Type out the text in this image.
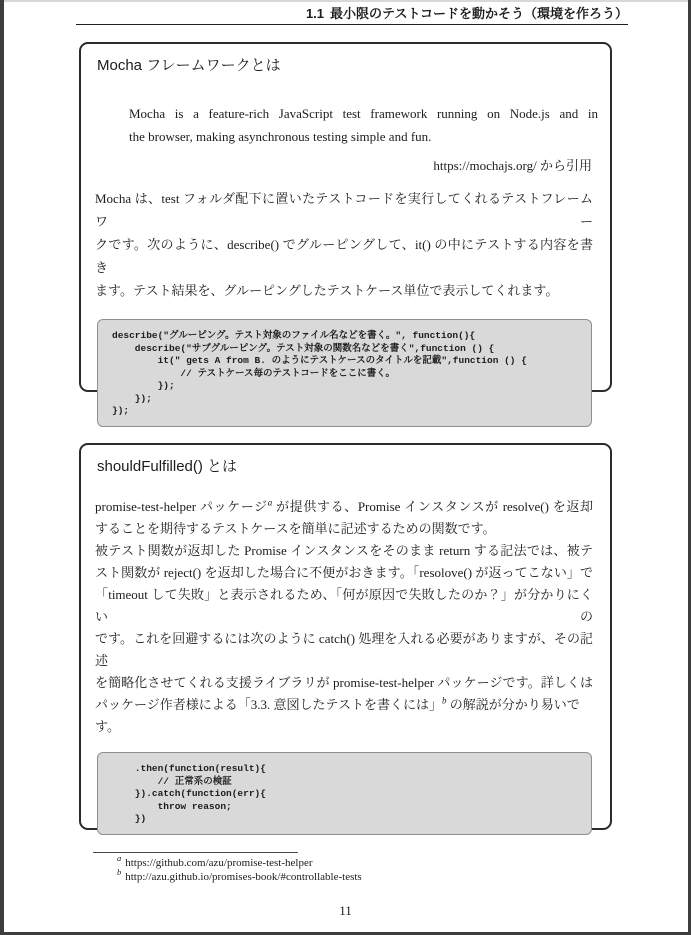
1.1 最小限のテストコードを動かそう（環境を作ろう）
Mocha フレームワークとは
Mocha is a feature-rich JavaScript test framework running on Node.js and in
the browser, making asynchronous testing simple and fun.
https://mochajs.org/ から引用
Mocha は、test フォルダ配下に置いたテストコードを実行してくれるテストフレームワー
クです。次のように、describe() でグルーピングして、it() の中にテストする内容を書き
ます。テスト結果を、グルーピングしたテストケース単位で表示してくれます。
describe("グルーピング。テスト対象のファイル名などを書く。", function(){
describe("サブグルーピング。テスト対象の関数名などを書く",function () {
it(" gets A from B. のようにテストケースのタイトルを記載",function () {
// テストケース毎のテストコードをここに書く。
});
});
});
shouldFulfilled() とは
promise-test-helper パッケージ$^a$ が提供する、Promise インスタンスが resolve() を返却
することを期待するテストケースを簡単に記述するための関数です。
被テスト関数が返却した Promise インスタンスをそのまま return する記法では、被テ
スト関数が reject() を返却した場合に不便がおきます。「resolove() が返ってこない」で
「timeout して失敗」と表示されるため、「何が原因で失敗したのか？」が分かりにくいの
です。これを回避するには次のように catch() 処理を入れる必要がありますが、その記述
を簡略化させてくれる支援ライブラリが promise-test-helper パッケージです。詳しくは
パッケージ作者様による「3.3. 意図したテストを書くには」$^b$ の解説が分かり易いです。
.then(function(result){
// 正常系の検証
}).catch(function(err){
throw reason;
})
$^a$ https://github.com/azu/promise-test-helper
$^b$ http://azu.github.io/promises-book/#controllable-tests
11
